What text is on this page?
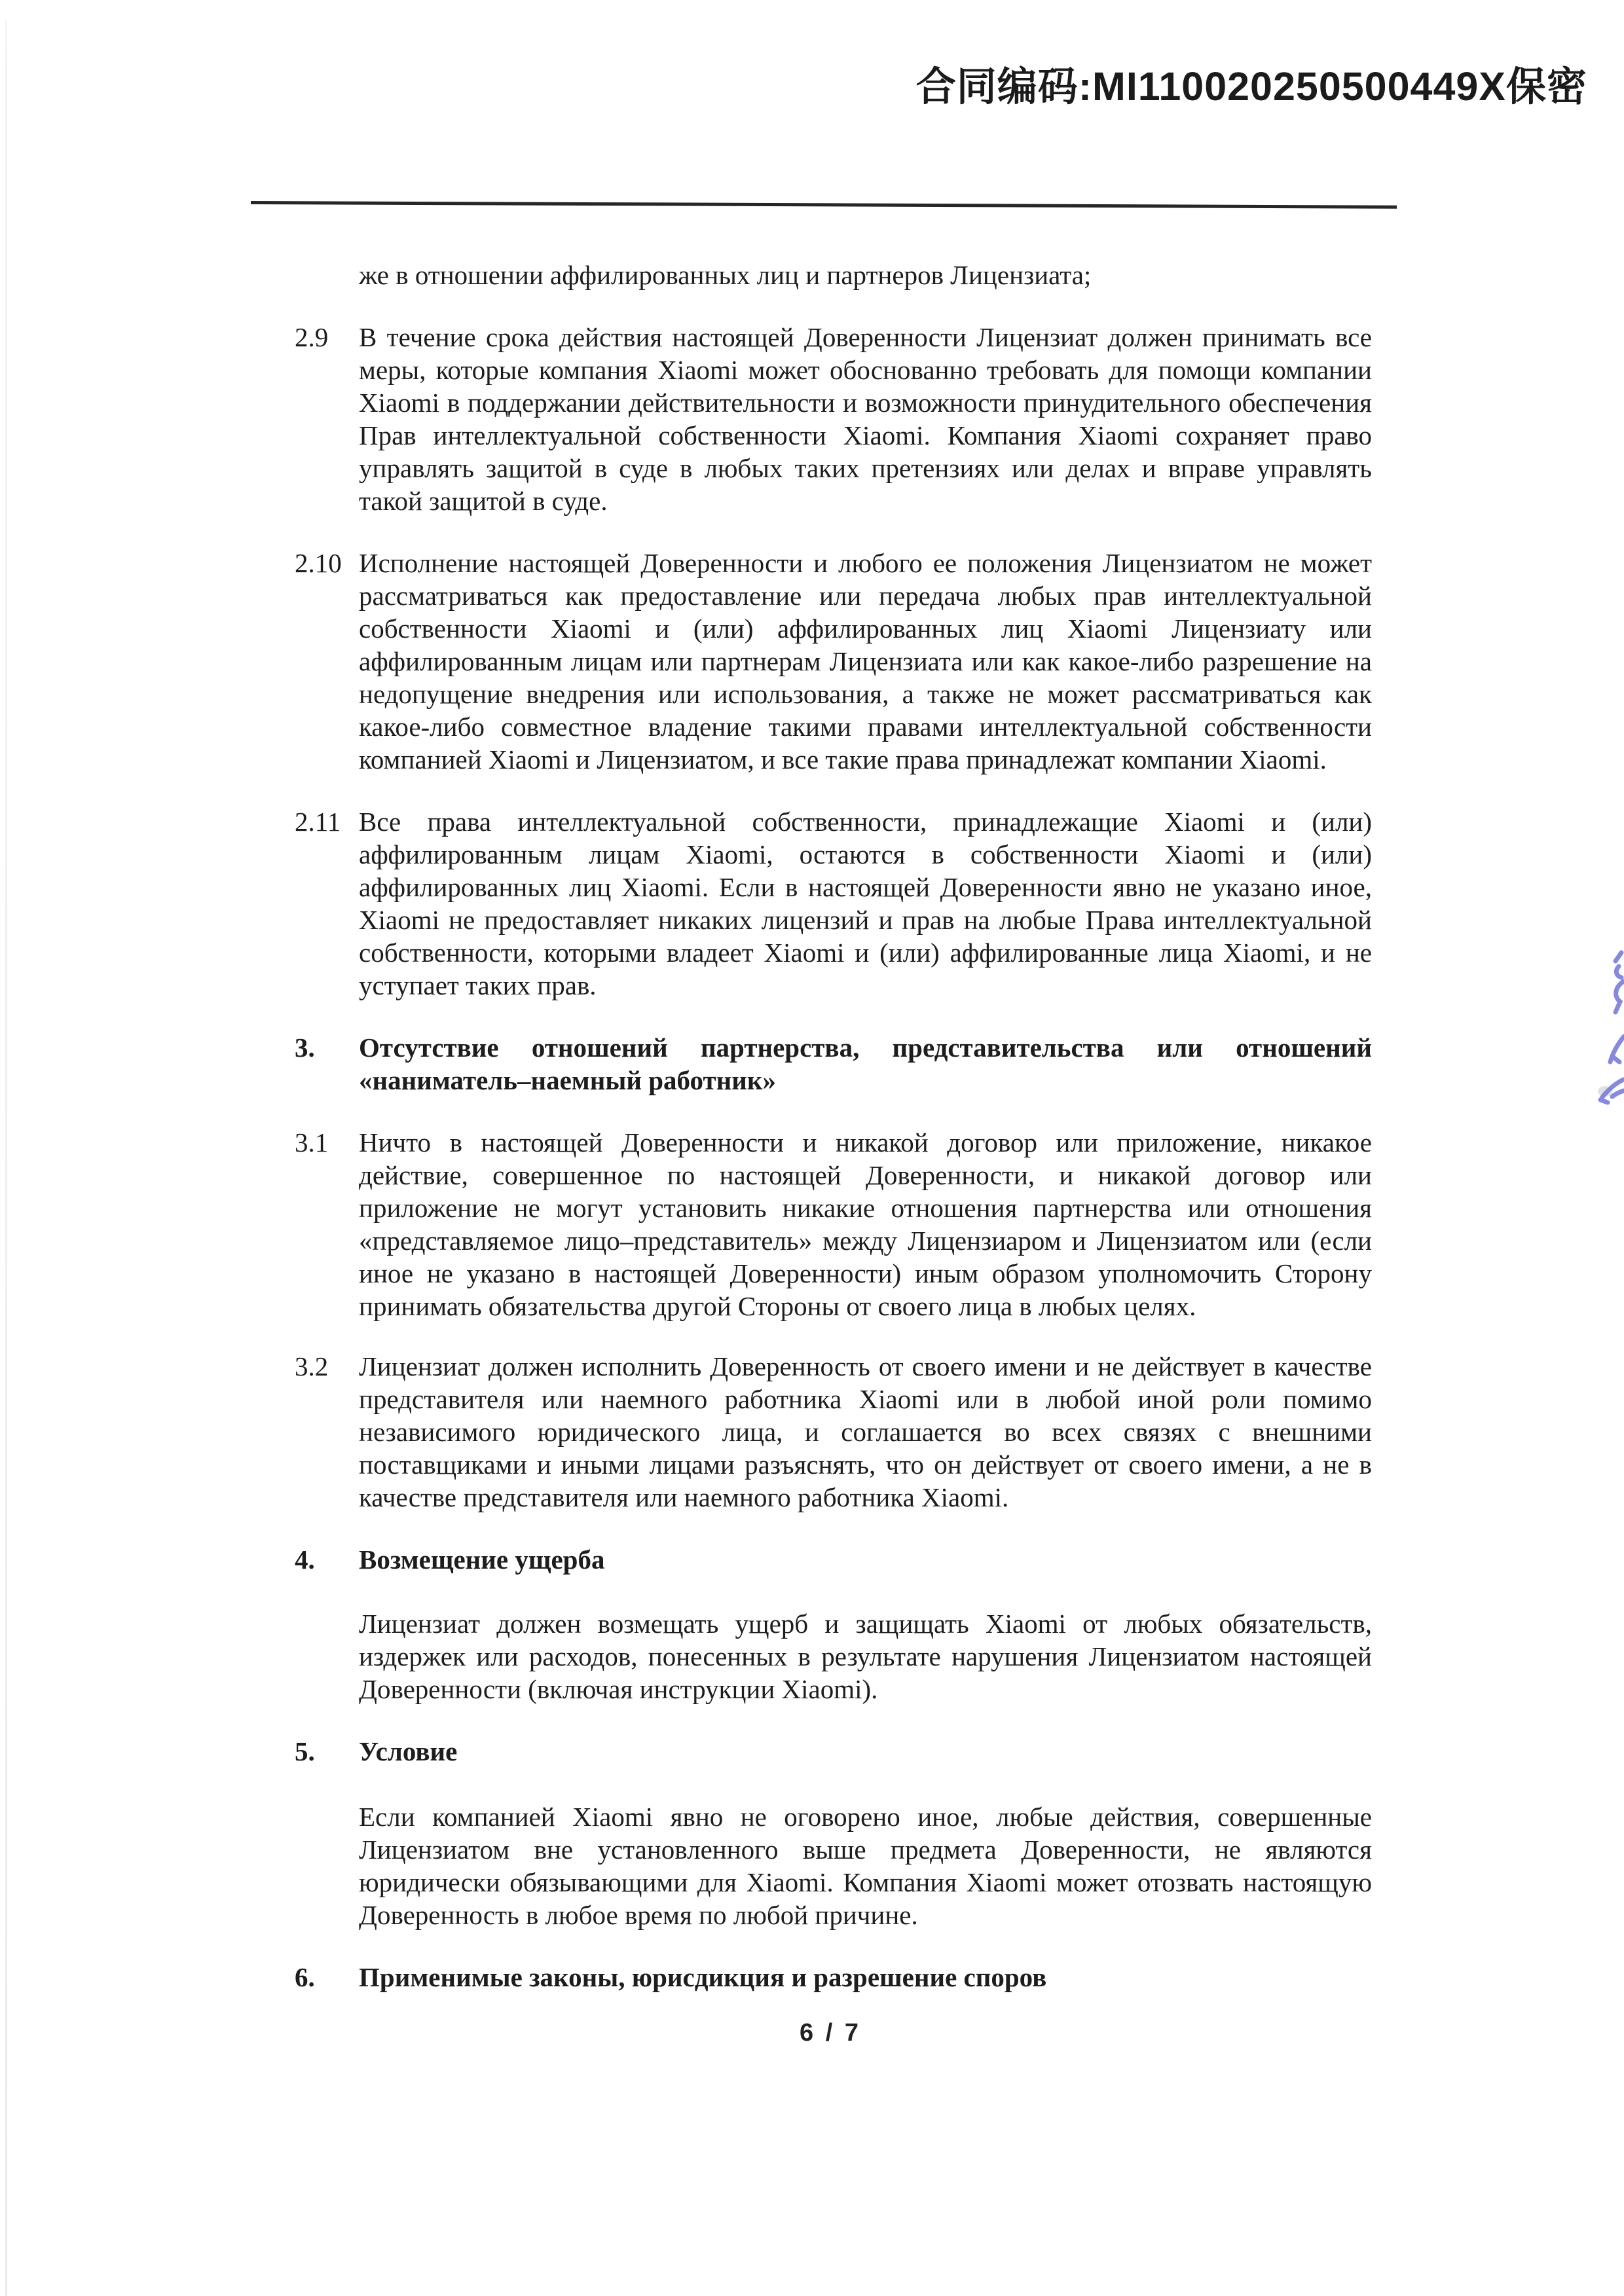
合同编码:MI110020250500449X保密
же в отношении аффилированных лиц и партнеров Лицензиата;
2.9	В течение срока действия настоящей Доверенности Лицензиат должен принимать все меры, которые компания Xiaomi может обоснованно требовать для помощи компании Xiaomi в поддержании действительности и возможности принудительного обеспечения Прав интеллектуальной собственности Xiaomi. Компания Xiaomi сохраняет право управлять защитой в суде в любых таких претензиях или делах и вправе управлять такой защитой в суде.
2.10 Исполнение настоящей Доверенности и любого ее положения Лицензиатом не может рассматриваться как предоставление или передача любых прав интеллектуальной собственности Xiaomi и (или) аффилированных лиц Xiaomi Лицензиату или аффилированным лицам или партнерам Лицензиата или как какое-либо разрешение на недопущение внедрения или использования, а также не может рассматриваться как какое-либо совместное владение такими правами интеллектуальной собственности компанией Xiaomi и Лицензиатом, и все такие права принадлежат компании Xiaomi.
2.11 Все права интеллектуальной собственности, принадлежащие Xiaomi и (или) аффилированным лицам Xiaomi, остаются в собственности Xiaomi и (или) аффилированных лиц Xiaomi. Если в настоящей Доверенности явно не указано иное, Xiaomi не предоставляет никаких лицензий и прав на любые Права интеллектуальной собственности, которыми владеет Xiaomi и (или) аффилированные лица Xiaomi, и не уступает таких прав.
3.	Отсутствие отношений партнерства, представительства или отношений «наниматель–наемный работник»
3.1	Ничто в настоящей Доверенности и никакой договор или приложение, никакое действие, совершенное по настоящей Доверенности, и никакой договор или приложение не могут установить никакие отношения партнерства или отношения «представляемое лицо–представитель» между Лицензиаром и Лицензиатом или (если иное не указано в настоящей Доверенности) иным образом уполномочить Сторону принимать обязательства другой Стороны от своего лица в любых целях.
3.2	Лицензиат должен исполнить Доверенность от своего имени и не действует в качестве представителя или наемного работника Xiaomi или в любой иной роли помимо независимого юридического лица, и соглашается во всех связях с внешними поставщиками и иными лицами разъяснять, что он действует от своего имени, а не в качестве представителя или наемного работника Xiaomi.
4.	Возмещение ущерба
Лицензиат должен возмещать ущерб и защищать Xiaomi от любых обязательств, издержек или расходов, понесенных в результате нарушения Лицензиатом настоящей Доверенности (включая инструкции Xiaomi).
5.	Условие
Если компанией Xiaomi явно не оговорено иное, любые действия, совершенные Лицензиатом вне установленного выше предмета Доверенности, не являются юридически обязывающими для Xiaomi. Компания Xiaomi может отозвать настоящую Доверенность в любое время по любой причине.
6.	Применимые законы, юрисдикция и разрешение споров
6 / 7
